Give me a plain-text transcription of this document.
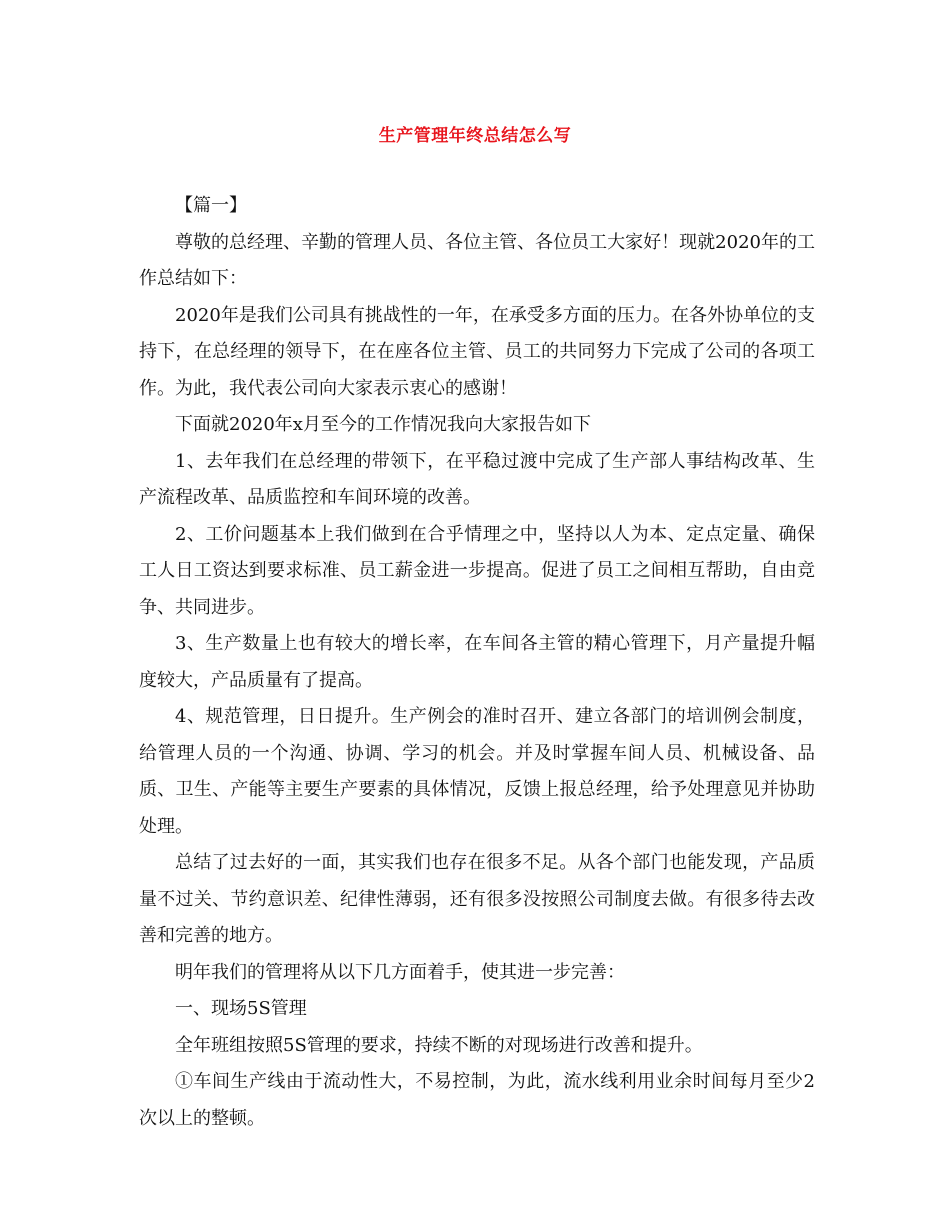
生产管理年终总结怎么写

【篇一】

尊敬的总经理、辛勤的管理人员、各位主管、各位员工大家好！现就2020年的工作总结如下：

2020年是我们公司具有挑战性的一年，在承受多方面的压力。在各外协单位的支持下，在总经理的领导下，在在座各位主管、员工的共同努力下完成了公司的各项工作。为此，我代表公司向大家表示衷心的感谢！

下面就2020年x月至今的工作情况我向大家报告如下

1、去年我们在总经理的带领下，在平稳过渡中完成了生产部人事结构改革、生产流程改革、品质监控和车间环境的改善。

2、工价问题基本上我们做到在合乎情理之中，坚持以人为本、定点定量、确保工人日工资达到要求标准、员工薪金进一步提高。促进了员工之间相互帮助，自由竞争、共同进步。

3、生产数量上也有较大的增长率，在车间各主管的精心管理下，月产量提升幅度较大，产品质量有了提高。

4、规范管理，日日提升。生产例会的准时召开、建立各部门的培训例会制度，给管理人员的一个沟通、协调、学习的机会。并及时掌握车间人员、机械设备、品质、卫生、产能等主要生产要素的具体情况，反馈上报总经理，给予处理意见并协助处理。

总结了过去好的一面，其实我们也存在很多不足。从各个部门也能发现，产品质量不过关、节约意识差、纪律性薄弱，还有很多没按照公司制度去做。有很多待去改善和完善的地方。

明年我们的管理将从以下几方面着手，使其进一步完善：

一、现场5S管理

全年班组按照5S管理的要求，持续不断的对现场进行改善和提升。

①车间生产线由于流动性大，不易控制，为此，流水线利用业余时间每月至少2次以上的整顿。
